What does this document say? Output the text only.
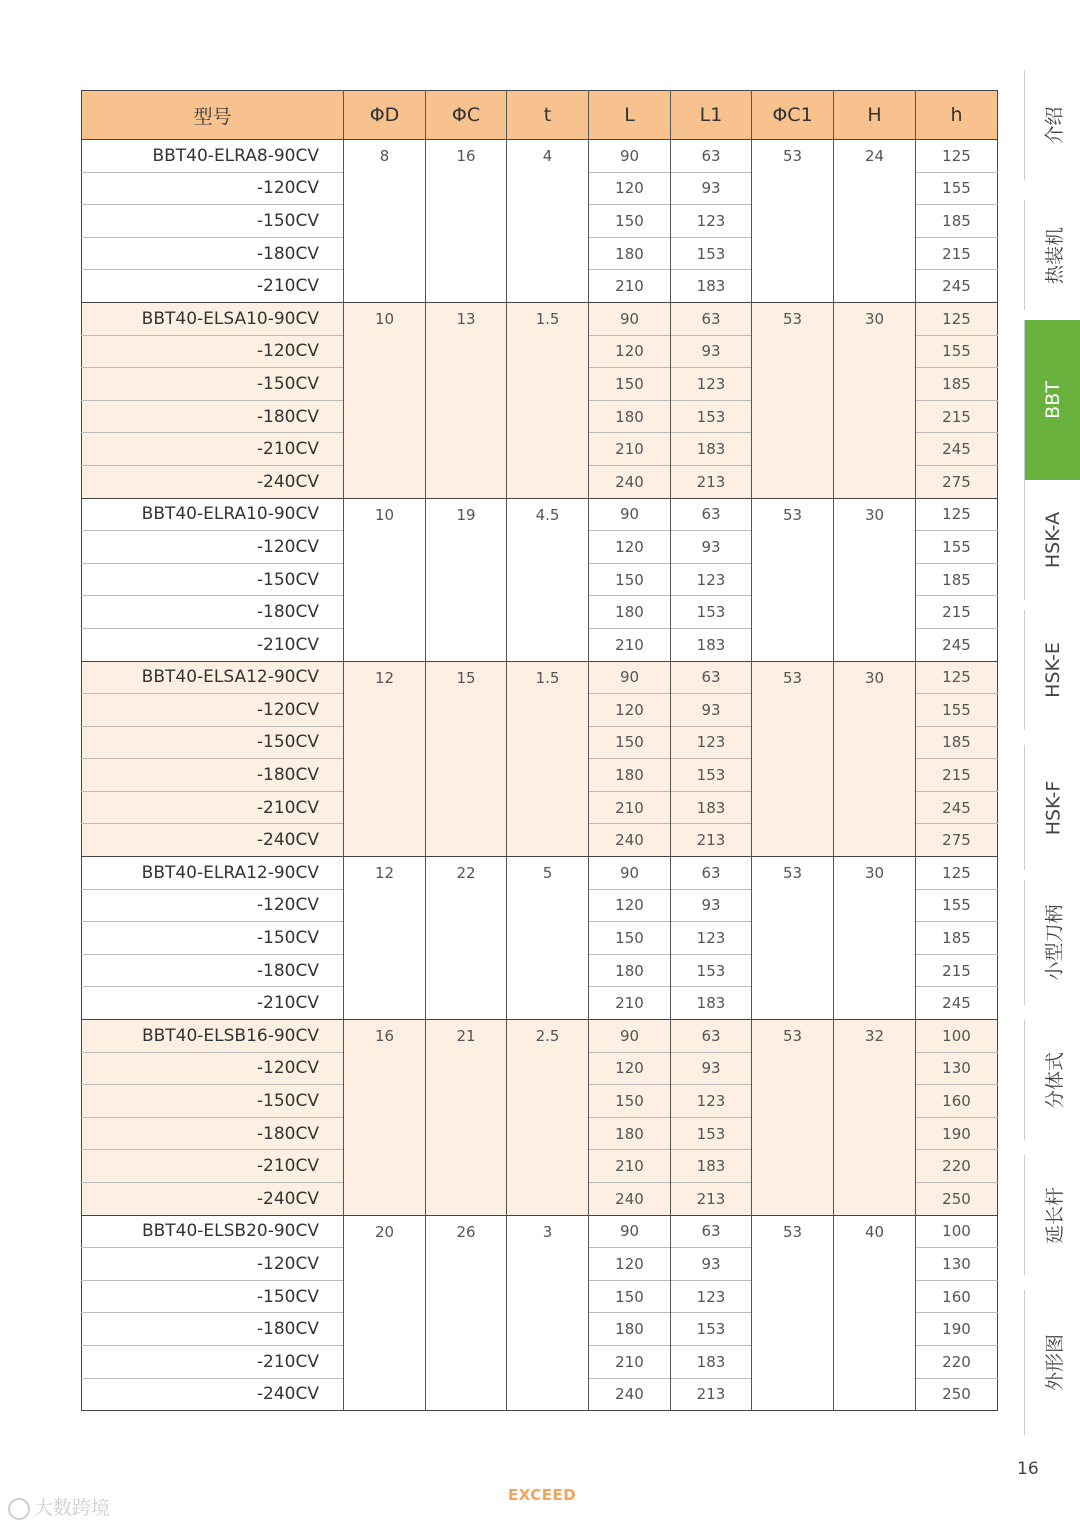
型号	ΦD	ΦC	t	L	L1	ΦC1	H	h
BBT40-ELRA8-90CV	8	16	4	90	63	53	24	125
-120CV				120	93			155
-150CV				150	123			185
-180CV				180	153			215
-210CV				210	183			245
BBT40-ELSA10-90CV	10	13	1.5	90	63	53	30	125
-120CV				120	93			155
-150CV				150	123			185
-180CV				180	153			215
-210CV				210	183			245
-240CV				240	213			275
BBT40-ELRA10-90CV	10	19	4.5	90	63	53	30	125
-120CV				120	93			155
-150CV				150	123			185
-180CV				180	153			215
-210CV				210	183			245
BBT40-ELSA12-90CV	12	15	1.5	90	63	53	30	125
-120CV				120	93			155
-150CV				150	123			185
-180CV				180	153			215
-210CV				210	183			245
-240CV				240	213			275
BBT40-ELRA12-90CV	12	22	5	90	63	53	30	125
-120CV				120	93			155
-150CV				150	123			185
-180CV				180	153			215
-210CV				210	183			245
BBT40-ELSB16-90CV	16	21	2.5	90	63	53	32	100
-120CV				120	93			130
-150CV				150	123			160
-180CV				180	153			190
-210CV				210	183			220
-240CV				240	213			250
BBT40-ELSB20-90CV	20	26	3	90	63	53	40	100
-120CV				120	93			130
-150CV				150	123			160
-180CV				180	153			190
-210CV				210	183			220
-240CV				240	213			250
介绍
热装机
BBT
HSK-A
HSK-E
HSK-F
小型刀柄
分体式
延长杆
外形图
16
EXCEED
大数跨境
